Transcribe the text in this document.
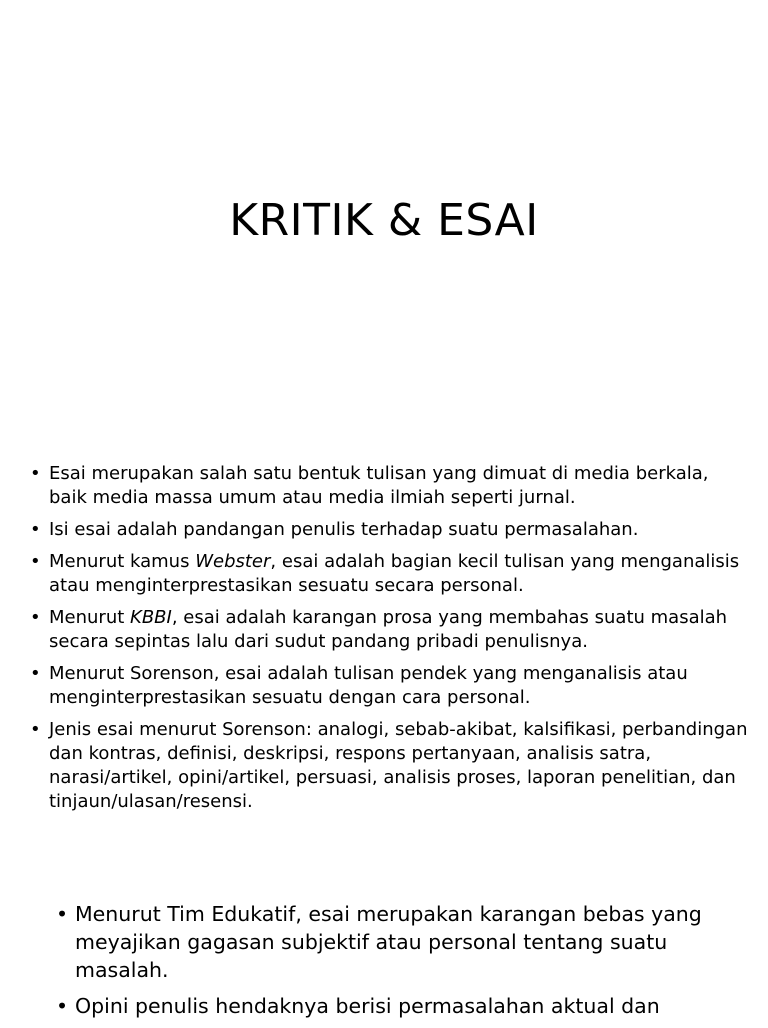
KRITIK & ESAI
• Esai merupakan salah satu bentuk tulisan yang dimuat di media berkala, baik media massa umum atau media ilmiah seperti jurnal.
• Isi esai adalah pandangan penulis terhadap suatu permasalahan.
• Menurut kamus Webster, esai adalah bagian kecil tulisan yang menganalisis atau menginterprestasikan sesuatu secara personal.
• Menurut KBBI, esai adalah karangan prosa yang membahas suatu masalah secara sepintas lalu dari sudut pandang pribadi penulisnya.
• Menurut Sorenson, esai adalah tulisan pendek yang menganalisis atau menginterprestasikan sesuatu dengan cara personal.
• Jenis esai menurut Sorenson: analogi, sebab-akibat, kalsifikasi, perbandingan dan kontras, definisi, deskripsi, respons pertanyaan, analisis satra, narasi/artikel, opini/artikel, persuasi, analisis proses, laporan penelitian, dan tinjaun/ulasan/resensi.
• Menurut Tim Edukatif, esai merupakan karangan bebas yang meyajikan gagasan subjektif atau personal tentang suatu masalah.
• Opini penulis hendaknya berisi permasalahan aktual dan
